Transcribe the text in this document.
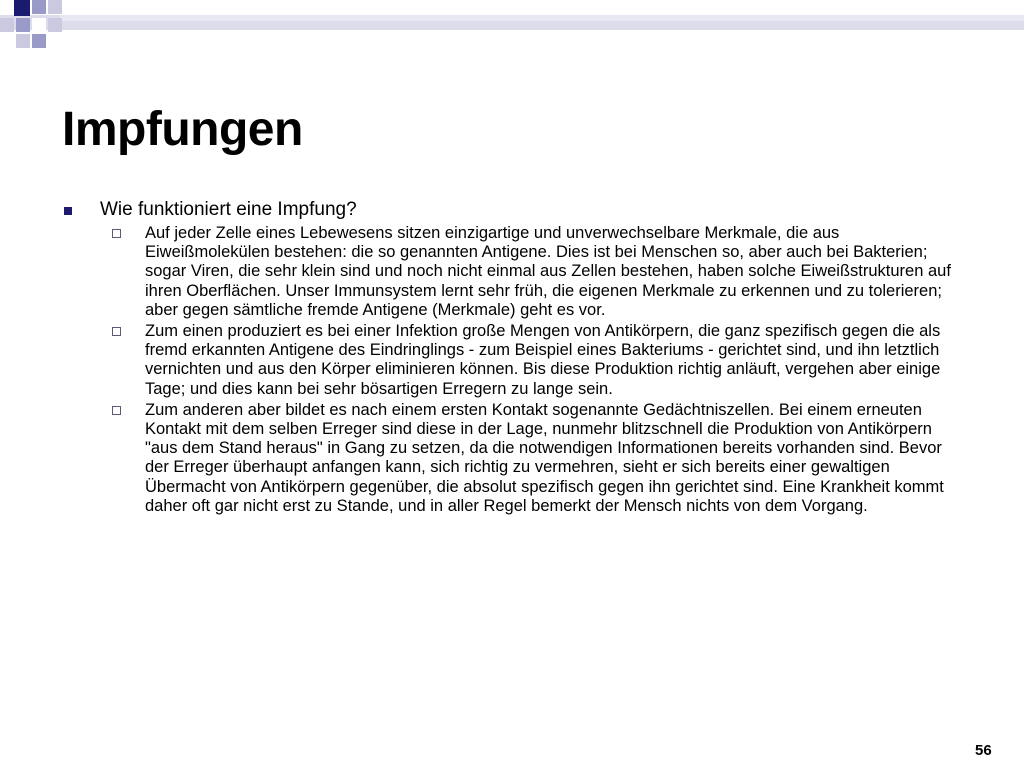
Impfungen

Wie funktioniert eine Impfung?

Auf jeder Zelle eines Lebewesens sitzen einzigartige und unverwechselbare Merkmale, die aus Eiweißmolekülen bestehen: die so genannten Antigene. Dies ist bei Menschen so, aber auch bei Bakterien; sogar Viren, die sehr klein sind und noch nicht einmal aus Zellen bestehen, haben solche Eiweißstrukturen auf ihren Oberflächen. Unser Immunsystem lernt sehr früh, die eigenen Merkmale zu erkennen und zu tolerieren; aber gegen sämtliche fremde Antigene (Merkmale) geht es vor.

Zum einen produziert es bei einer Infektion große Mengen von Antikörpern, die ganz spezifisch gegen die als fremd erkannten Antigene des Eindringlings - zum Beispiel eines Bakteriums - gerichtet sind, und ihn letztlich vernichten und aus den Körper eliminieren können. Bis diese Produktion richtig anläuft, vergehen aber einige Tage; und dies kann bei sehr bösartigen Erregern zu lange sein.

Zum anderen aber bildet es nach einem ersten Kontakt sogenannte Gedächtniszellen. Bei einem erneuten Kontakt mit dem selben Erreger sind diese in der Lage, nunmehr blitzschnell die Produktion von Antikörpern "aus dem Stand heraus" in Gang zu setzen, da die notwendigen Informationen bereits vorhanden sind. Bevor der Erreger überhaupt anfangen kann, sich richtig zu vermehren, sieht er sich bereits einer gewaltigen Übermacht von Antikörpern gegenüber, die absolut spezifisch gegen ihn gerichtet sind. Eine Krankheit kommt daher oft gar nicht erst zu Stande, und in aller Regel bemerkt der Mensch nichts von dem Vorgang.

56
